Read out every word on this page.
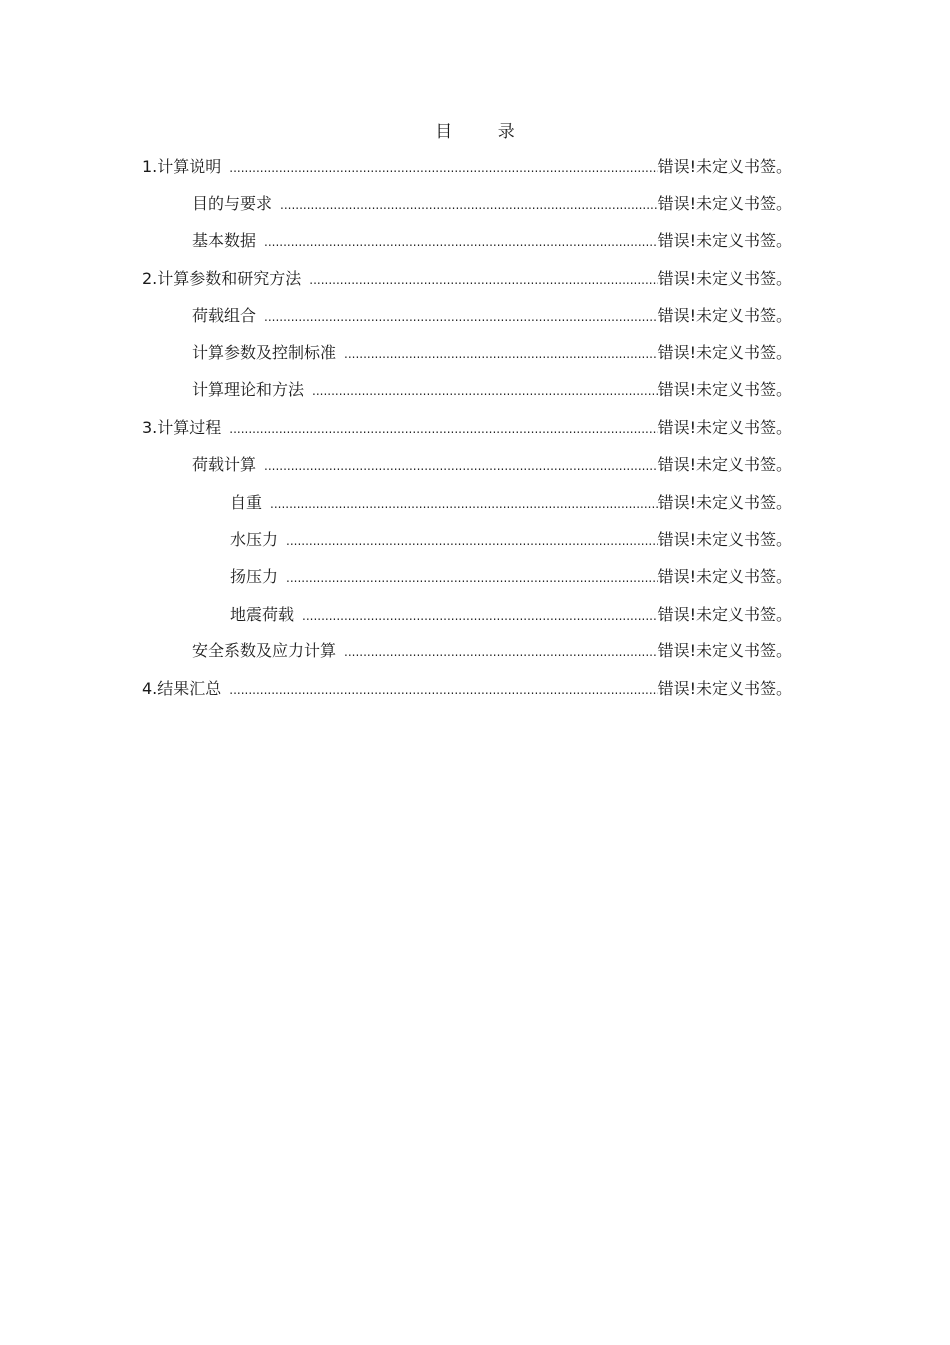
目 录
1.计算说明 .....	错误!未定义书签。
目的与要求 .....	错误!未定义书签。
基本数据 .....	错误!未定义书签。
2.计算参数和研究方法 .....	错误!未定义书签。
荷载组合 .....	错误!未定义书签。
计算参数及控制标准 .....	错误!未定义书签。
计算理论和方法 .....	错误!未定义书签。
3.计算过程 .....	错误!未定义书签。
荷载计算 .....	错误!未定义书签。
自重 .....	错误!未定义书签。
水压力 .....	错误!未定义书签。
扬压力 .....	错误!未定义书签。
地震荷载 .....	错误!未定义书签。
安全系数及应力计算 .....	错误!未定义书签。
4.结果汇总 .....	错误!未定义书签。
